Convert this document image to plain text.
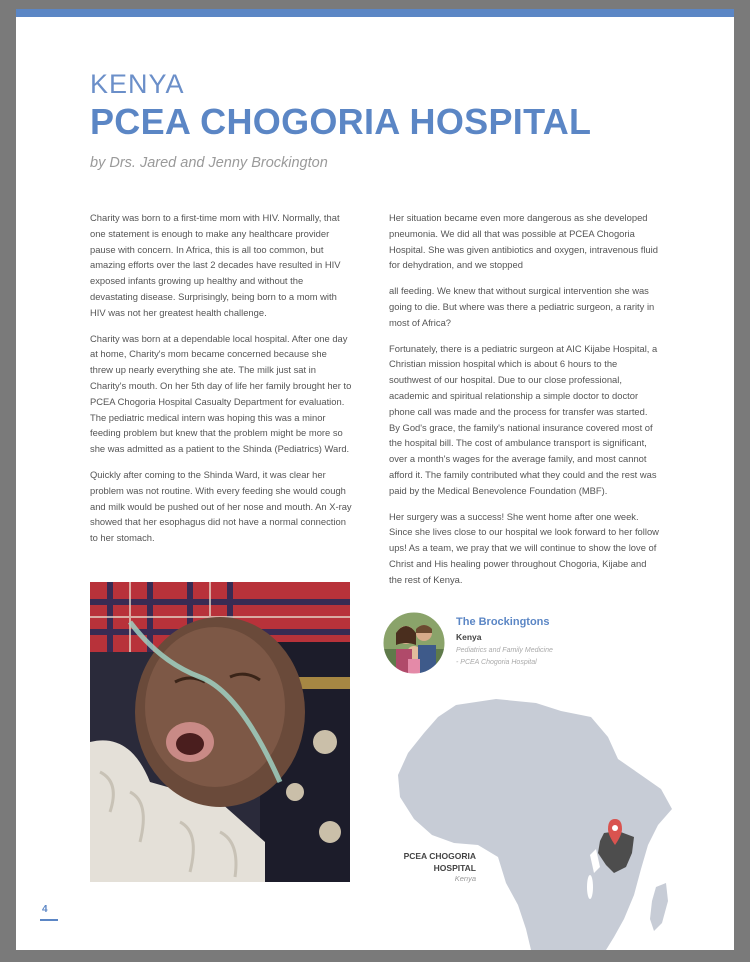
KENYA
PCEA CHOGORIA HOSPITAL
by Drs. Jared and Jenny Brockington

Charity was born to a first-time mom with HIV. Normally, that one statement is enough to make any healthcare provider pause with concern. In Africa, this is all too common, but amazing efforts over the last 2 decades have resulted in HIV exposed infants growing up healthy and without the devastating disease. Surprisingly, being born to a mom with HIV was not her greatest health challenge.

Charity was born at a dependable local hospital. After one day at home, Charity's mom became concerned because she threw up nearly everything she ate. The milk just sat in Charity's mouth. On her 5th day of life her family brought her to PCEA Chogoria Hospital Casualty Department for evaluation. The pediatric medical intern was hoping this was a minor feeding problem but knew that the problem might be more so she was admitted as a patient to the Shinda (Pediatrics) Ward.

Quickly after coming to the Shinda Ward, it was clear her problem was not routine. With every feeding she would cough and milk would be pushed out of her nose and mouth. An X-ray showed that her esophagus did not have a normal connection to her stomach.

Her situation became even more dangerous as she developed pneumonia. We did all that was possible at PCEA Chogoria Hospital. She was given antibiotics and oxygen, intravenous fluid for dehydration, and we stopped

all feeding. We knew that without surgical intervention she was going to die. But where was there a pediatric surgeon, a rarity in most of Africa?

Fortunately, there is a pediatric surgeon at AIC Kijabe Hospital, a Christian mission hospital which is about 6 hours to the southwest of our hospital. Due to our close professional, academic and spiritual relationship a simple doctor to doctor phone call was made and the process for transfer was started. By God's grace, the family's national insurance covered most of the hospital bill. The cost of ambulance transport is significant, over a month's wages for the average family, and most cannot afford it. The family contributed what they could and the rest was paid by the Medical Benevolence Foundation (MBF).

Her surgery was a success! She went home after one week. Since she lives close to our hospital we look forward to her follow ups! As a team, we pray that we will continue to show the love of Christ and His healing power throughout Chogoria, Kijabe and the rest of Kenya.

The Brockingtons
Kenya
Pediatrics and Family Medicine
- PCEA Chogoria Hospital
PCEA CHOGORIA HOSPITAL
Kenya
4
